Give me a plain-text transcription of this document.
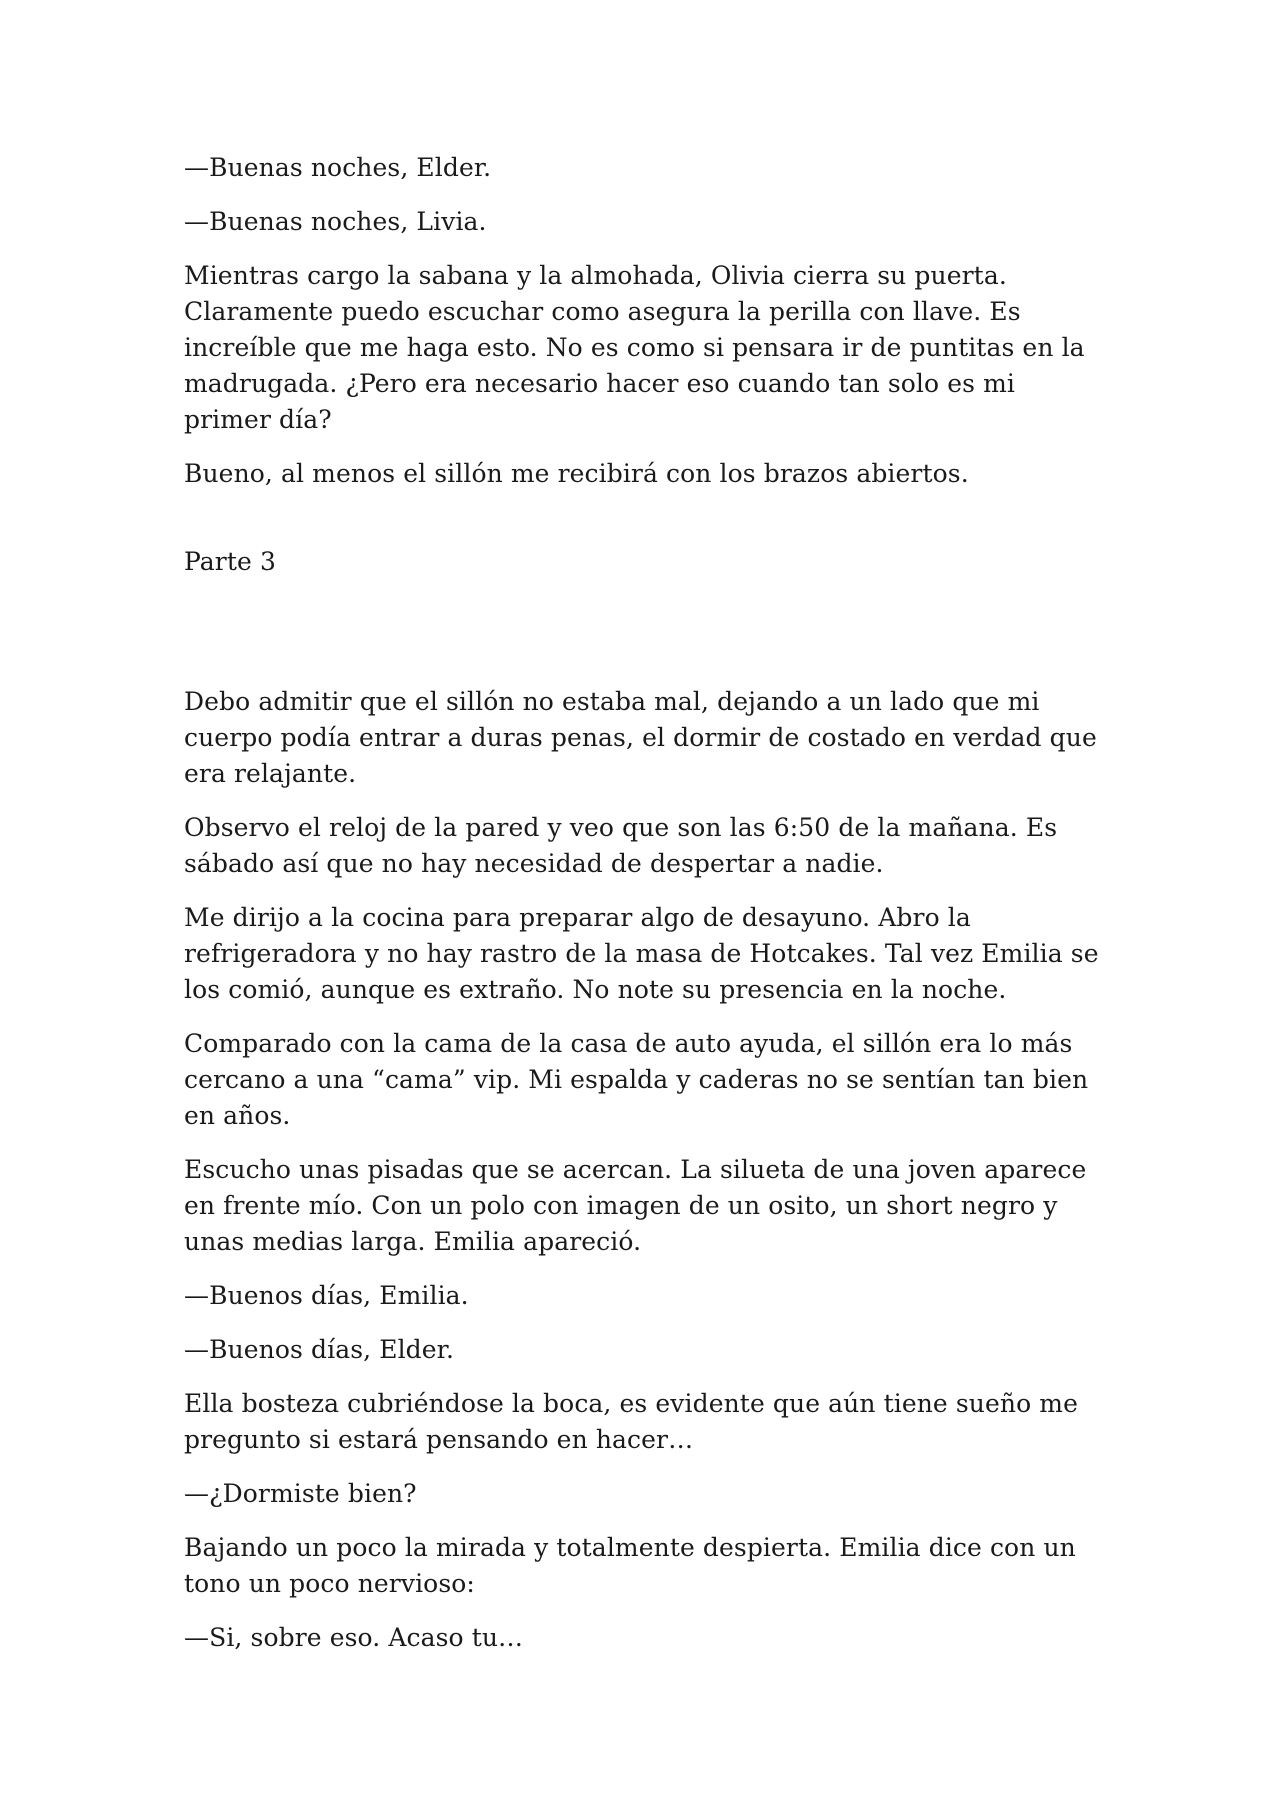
—Buenas noches, Elder.

—Buenas noches, Livia.

Mientras cargo la sabana y la almohada, Olivia cierra su puerta. Claramente puedo escuchar como asegura la perilla con llave. Es increíble que me haga esto. No es como si pensara ir de puntitas en la madrugada. ¿Pero era necesario hacer eso cuando tan solo es mi primer día?

Bueno, al menos el sillón me recibirá con los brazos abiertos.

Parte 3

Debo admitir que el sillón no estaba mal, dejando a un lado que mi cuerpo podía entrar a duras penas, el dormir de costado en verdad que era relajante.

Observo el reloj de la pared y veo que son las 6:50 de la mañana. Es sábado así que no hay necesidad de despertar a nadie.

Me dirijo a la cocina para preparar algo de desayuno. Abro la refrigeradora y no hay rastro de la masa de Hotcakes. Tal vez Emilia se los comió, aunque es extraño. No note su presencia en la noche.

Comparado con la cama de la casa de auto ayuda, el sillón era lo más cercano a una “cama” vip. Mi espalda y caderas no se sentían tan bien en años.

Escucho unas pisadas que se acercan. La silueta de una joven aparece en frente mío. Con un polo con imagen de un osito, un short negro y unas medias larga. Emilia apareció.

—Buenos días, Emilia.

—Buenos días, Elder.

Ella bosteza cubriéndose la boca, es evidente que aún tiene sueño me pregunto si estará pensando en hacer…

—¿Dormiste bien?

Bajando un poco la mirada y totalmente despierta. Emilia dice con un tono un poco nervioso:

—Si, sobre eso. Acaso tu…
